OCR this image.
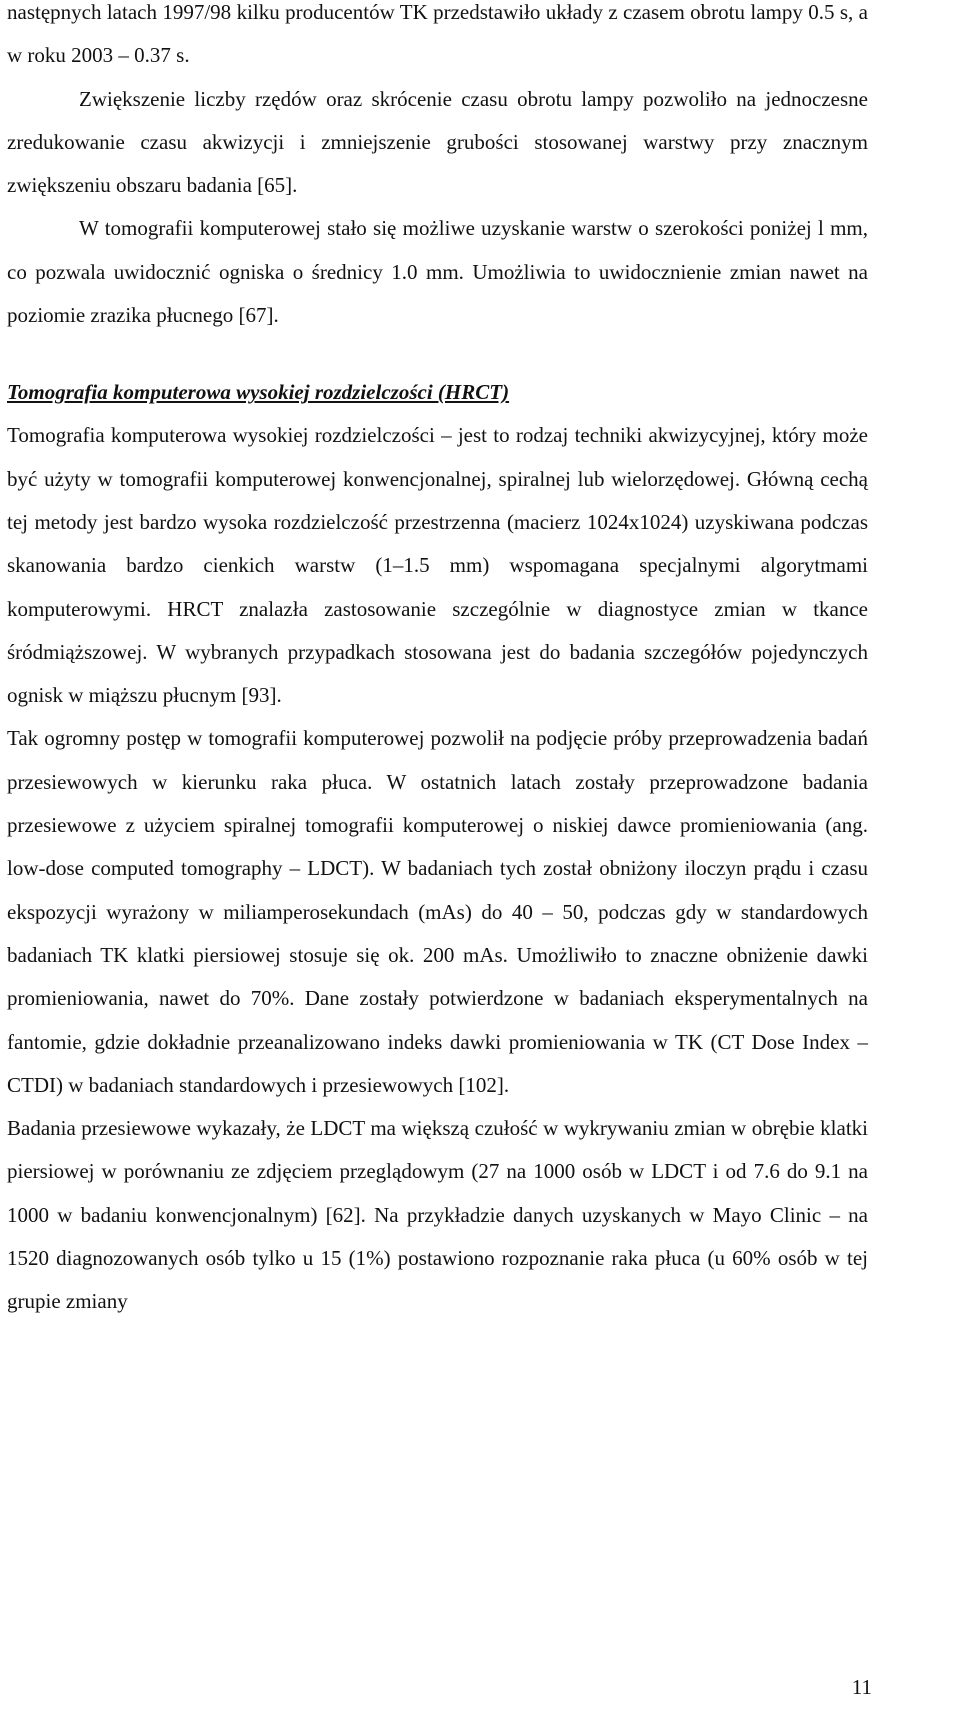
następnych latach 1997/98 kilku producentów TK przedstawiło układy z czasem obrotu lampy 0.5 s, a w roku 2003 – 0.37 s.

Zwiększenie liczby rzędów oraz skrócenie czasu obrotu lampy pozwoliło na jednoczesne zredukowanie czasu akwizycji i zmniejszenie grubości stosowanej warstwy przy znacznym zwiększeniu obszaru badania [65].

W tomografii komputerowej stało się możliwe uzyskanie warstw o szerokości poniżej l mm, co pozwala uwidocznić ogniska o średnicy 1.0 mm. Umożliwia to uwidocznienie zmian nawet na poziomie zrazika płucnego [67].

Tomografia komputerowa wysokiej rozdzielczości (HRCT)

Tomografia komputerowa wysokiej rozdzielczości – jest to rodzaj techniki akwizycyjnej, który może być użyty w tomografii komputerowej konwencjonalnej, spiralnej lub wielorzędowej. Główną cechą tej metody jest bardzo wysoka rozdzielczość przestrzenna (macierz 1024x1024) uzyskiwana podczas skanowania bardzo cienkich warstw (1–1.5 mm) wspomagana specjalnymi algorytmami komputerowymi. HRCT znalazła zastosowanie szczególnie w diagnostyce zmian w tkance śródmiąższowej. W wybranych przypadkach stosowana jest do badania szczegółów pojedynczych ognisk w miąższu płucnym [93].

Tak ogromny postęp w tomografii komputerowej pozwolił na podjęcie próby przeprowadzenia badań przesiewowych w kierunku raka płuca. W ostatnich latach zostały przeprowadzone badania przesiewowe z użyciem spiralnej tomografii komputerowej o niskiej dawce promieniowania (ang. low-dose computed tomography – LDCT). W badaniach tych został obniżony iloczyn prądu i czasu ekspozycji wyrażony w miliamperosekundach (mAs) do 40 – 50, podczas gdy w standardowych badaniach TK klatki piersiowej stosuje się ok. 200 mAs. Umożliwiło to znaczne obniżenie dawki promieniowania, nawet do 70%. Dane zostały potwierdzone w badaniach eksperymentalnych na fantomie, gdzie dokładnie przeanalizowano indeks dawki promieniowania w TK (CT Dose Index – CTDI) w badaniach standardowych i przesiewowych [102].

Badania przesiewowe wykazały, że LDCT ma większą czułość w wykrywaniu zmian w obrębie klatki piersiowej w porównaniu ze zdjęciem przeglądowym (27 na 1000 osób w LDCT i od 7.6 do 9.1 na 1000 w badaniu konwencjonalnym) [62]. Na przykładzie danych uzyskanych w Mayo Clinic – na 1520 diagnozowanych osób tylko u 15 (1%) postawiono rozpoznanie raka płuca (u 60% osób w tej grupie zmiany

11
